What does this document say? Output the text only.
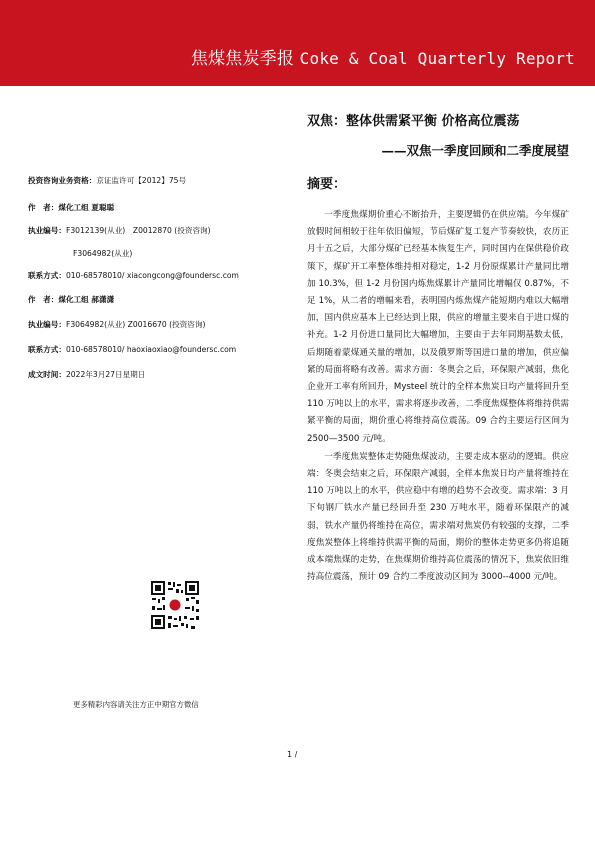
焦煤焦炭季报 Coke & Coal Quarterly Report
投资咨询业务资格：京证监许可【2012】75号
作　者：煤化工组 夏聪聪
执业编号：F3012139(从业)　Z0012870 (投资咨询)
F3064982(从业)
联系方式：010-68578010/ xiacongcong@foundersc.com
作　者：煤化工组 郝潇潇
执业编号：F3064982(从业) Z0016670 (投资咨询)
联系方式：010-68578010/ haoxiaoxiao@foundersc.com
成文时间：2022年3月27日星期日
更多精彩内容请关注方正中期官方微信
双焦：整体供需紧平衡 价格高位震荡
——双焦一季度回顾和二季度展望
摘要：

一季度焦煤期价重心不断抬升，主要逻辑仍在供应端。今年煤矿放假时间相较于往年依旧偏短，节后煤矿复工复产节奏较快，农历正月十五之后，大部分煤矿已经基本恢复生产，同时国内在保供稳价政策下，煤矿开工率整体维持相对稳定，1-2 月份原煤累计产量同比增加 10.3%，但 1-2 月份国内炼焦煤累计产量同比增幅仅 0.87%，不足 1%，从二者的增幅来看，表明国内炼焦煤产能短期内难以大幅增加，国内供应基本上已经达到上限，供应的增量主要来自于进口煤的补充。1-2 月份进口量同比大幅增加，主要由于去年同期基数太低，后期随着蒙煤通关量的增加，以及俄罗斯等国进口量的增加，供应偏紧的局面将略有改善。需求方面：冬奥会之后，环保限产减弱，焦化企业开工率有所回升，Mysteel 统计的全样本焦炭日均产量将回升至 110 万吨以上的水平，需求将逐步改善，二季度焦煤整体将维持供需紧平衡的局面，期价重心将维持高位震荡。09 合约主要运行区间为 2500—3500 元/吨。

一季度焦炭整体走势随焦煤波动，主要走成本驱动的逻辑。供应端：冬奥会结束之后，环保限产减弱，全样本焦炭日均产量将维持在 110 万吨以上的水平，供应稳中有增的趋势不会改变。需求端：3 月下旬钢厂铁水产量已经回升至 230 万吨水平，随着环保限产的减弱，铁水产量仍将维持在高位，需求端对焦炭仍有较强的支撑，二季度焦炭整体上将维持供需平衡的局面，期价的整体走势更多仍将追随成本端焦煤的走势，在焦煤期价维持高位震荡的情况下，焦炭依旧维持高位震荡，预计 09 合约二季度波动区间为 3000--4000 元/吨。

1 /
